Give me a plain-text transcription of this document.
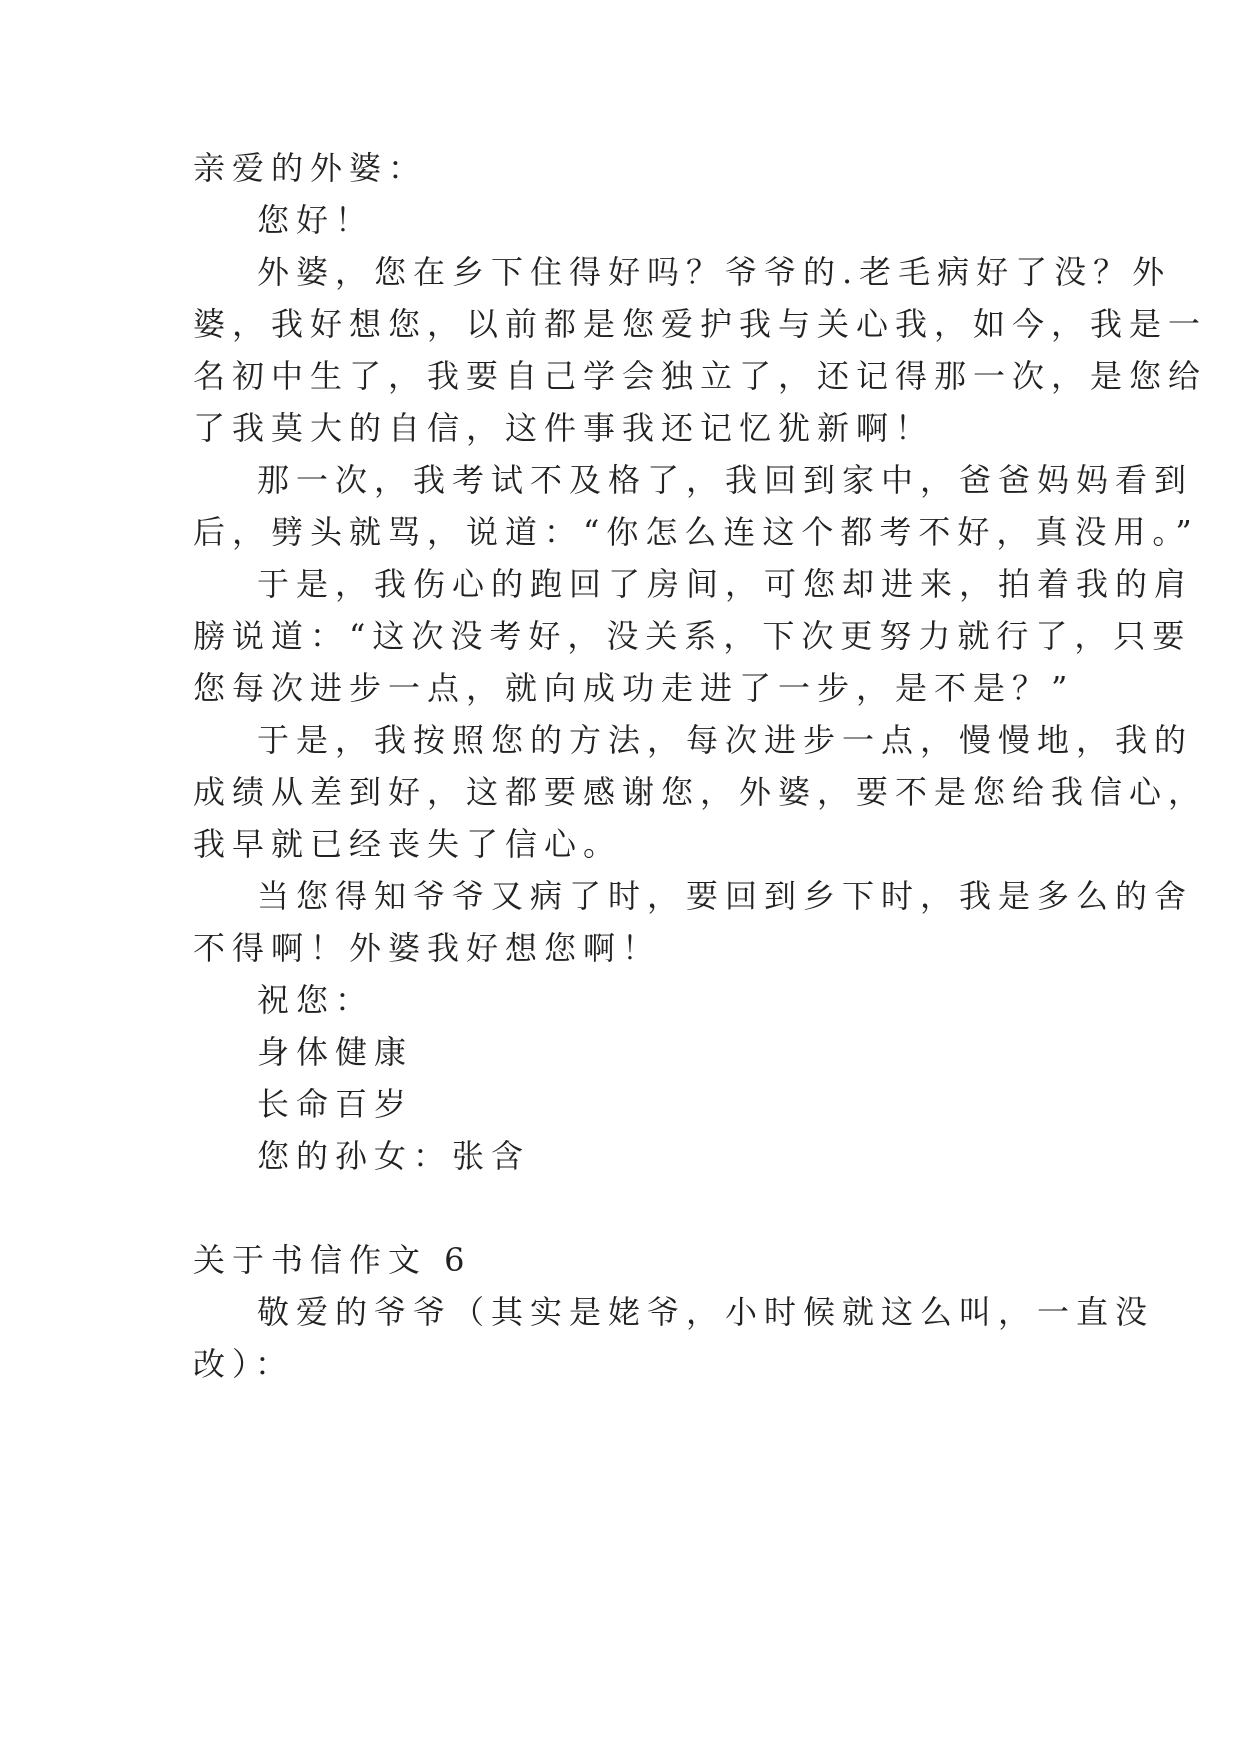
亲爱的外婆：
您好！
外婆，您在乡下住得好吗？爷爷的.老毛病好了没？外
婆，我好想您，以前都是您爱护我与关心我，如今，我是一
名初中生了，我要自己学会独立了，还记得那一次，是您给
了我莫大的自信，这件事我还记忆犹新啊！
那一次，我考试不及格了，我回到家中，爸爸妈妈看到
后，劈头就骂，说道：“你怎么连这个都考不好，真没用。”
于是，我伤心的跑回了房间，可您却进来，拍着我的肩
膀说道：“这次没考好，没关系，下次更努力就行了，只要
您每次进步一点，就向成功走进了一步，是不是？”
于是，我按照您的方法，每次进步一点，慢慢地，我的
成绩从差到好，这都要感谢您，外婆，要不是您给我信心，
我早就已经丧失了信心。
当您得知爷爷又病了时，要回到乡下时，我是多么的舍
不得啊！外婆我好想您啊！
祝您：
身体健康
长命百岁
您的孙女：张含
关于书信作文 6
敬爱的爷爷（其实是姥爷，小时候就这么叫，一直没
改）：
